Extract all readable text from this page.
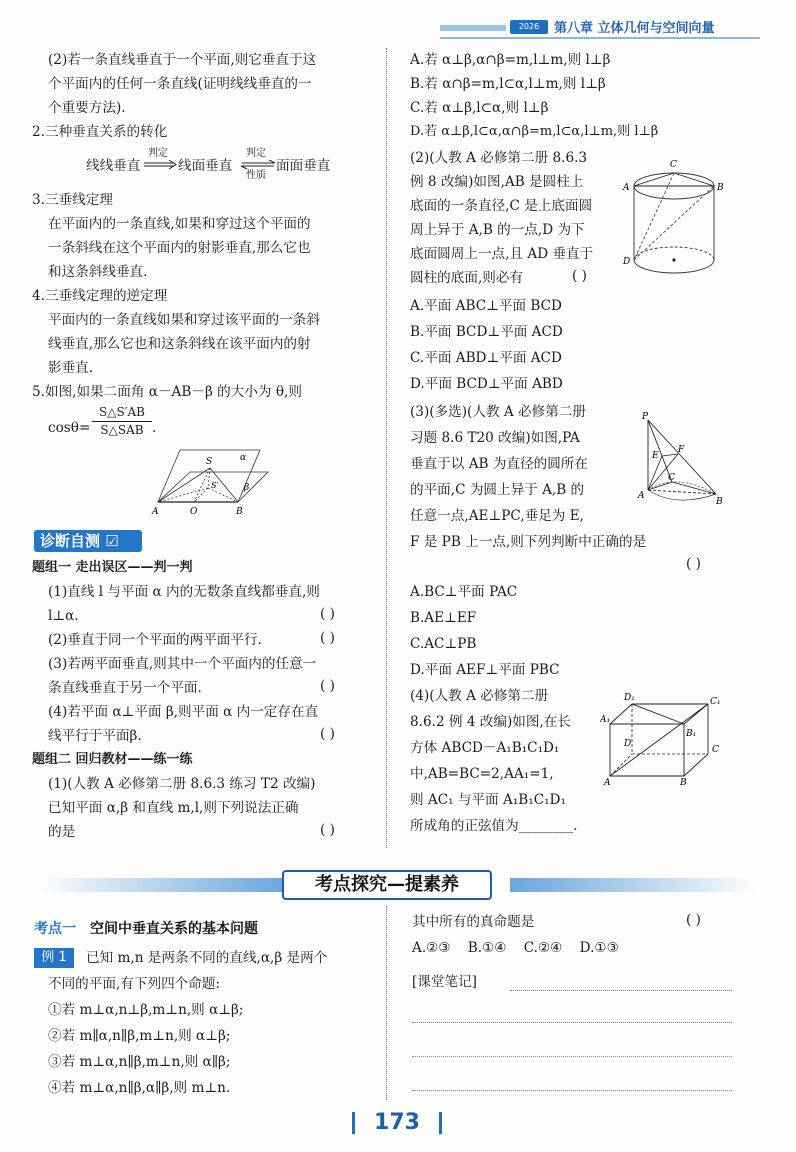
2026	第八章 立体几何与空间向量
(2)若一条直线垂直于一个平面,则它垂直于这
个平面内的任何一条直线(证明线线垂直的一
个重要方法).
2.三种垂直关系的转化
线线垂直
判定
线面垂直
判定
性质
面面垂直
3.三垂线定理
在平面内的一条直线,如果和穿过这个平面的
一条斜线在这个平面内的射影垂直,那么它也
和这条斜线垂直.
4.三垂线定理的逆定理
平面内的一条直线如果和穿过该平面的一条斜
线垂直,那么它也和这条斜线在该平面内的射
影垂直.
5.如图,如果二面角 α－AB－β 的大小为 θ,则
cosθ=
S△S′AB
S△SAB .
S
S′
α
β
A	O	B
诊断自测 ☑
题组一 走出误区——判一判
(1)直线 l 与平面 α 内的无数条直线都垂直,则
l⊥α.	( )
(2)垂直于同一个平面的两平面平行.	( )
(3)若两平面垂直,则其中一个平面内的任意一
条直线垂直于另一个平面.	( )
(4)若平面 α⊥平面 β,则平面 α 内一定存在直
线平行于平面β.	( )
题组二 回归教材——练一练
(1)(人教 A 必修第二册 8.6.3 练习 T2 改编)
已知平面 α,β 和直线 m,l,则下列说法正确
的是	( )
A.若 α⊥β,α∩β=m,l⊥m,则 l⊥β
B.若 α∩β=m,l⊂α,l⊥m,则 l⊥β
C.若 α⊥β,l⊂α,则 l⊥β
D.若 α⊥β,l⊂α,α∩β=m,l⊂α,l⊥m,则 l⊥β
(2)(人教 A 必修第二册 8.6.3
例 8 改编)如图,AB 是圆柱上
底面的一条直径,C 是上底面圆
周上异于 A,B 的一点,D 为下
底面圆周上一点,且 AD 垂直于
圆柱的底面,则必有	( )
A.平面 ABC⊥平面 BCD
B.平面 BCD⊥平面 ACD
C.平面 ABD⊥平面 ACD
D.平面 BCD⊥平面 ABD
C
A	B
D
(3)(多选)(人教 A 必修第二册
习题 8.6 T20 改编)如图,PA
垂直于以 AB 为直径的圆所在
的平面,C 为圆上异于 A,B 的
任意一点,AE⊥PC,垂足为 E,
F 是 PB 上一点,则下列判断中正确的是
( )
A.BC⊥平面 PAC
B.AE⊥EF
C.AC⊥PB
D.平面 AEF⊥平面 PBC
P
E
F
C
A
B
(4)(人教 A 必修第二册
8.6.2 例 4 改编)如图,在长
方体 ABCD－A₁B₁C₁D₁
中,AB=BC=2,AA₁=1,
则 AC₁ 与平面 A₁B₁C₁D₁
所成角的正弦值为________.
D₁	C₁
A₁
B₁
D
C
A	B
考点探究—提素养
考点一 空间中垂直关系的基本问题
例 1	已知 m,n 是两条不同的直线,α,β 是两个
不同的平面,有下列四个命题:
①若 m⊥α,n⊥β,m⊥n,则 α⊥β;
②若 m∥α,n∥β,m⊥n,则 α⊥β;
③若 m⊥α,n∥β,m⊥n,则 α∥β;
④若 m⊥α,n∥β,α∥β,则 m⊥n.
其中所有的真命题是	( )
A.②③    B.①④    C.②④    D.①③
[课堂笔记]
173
